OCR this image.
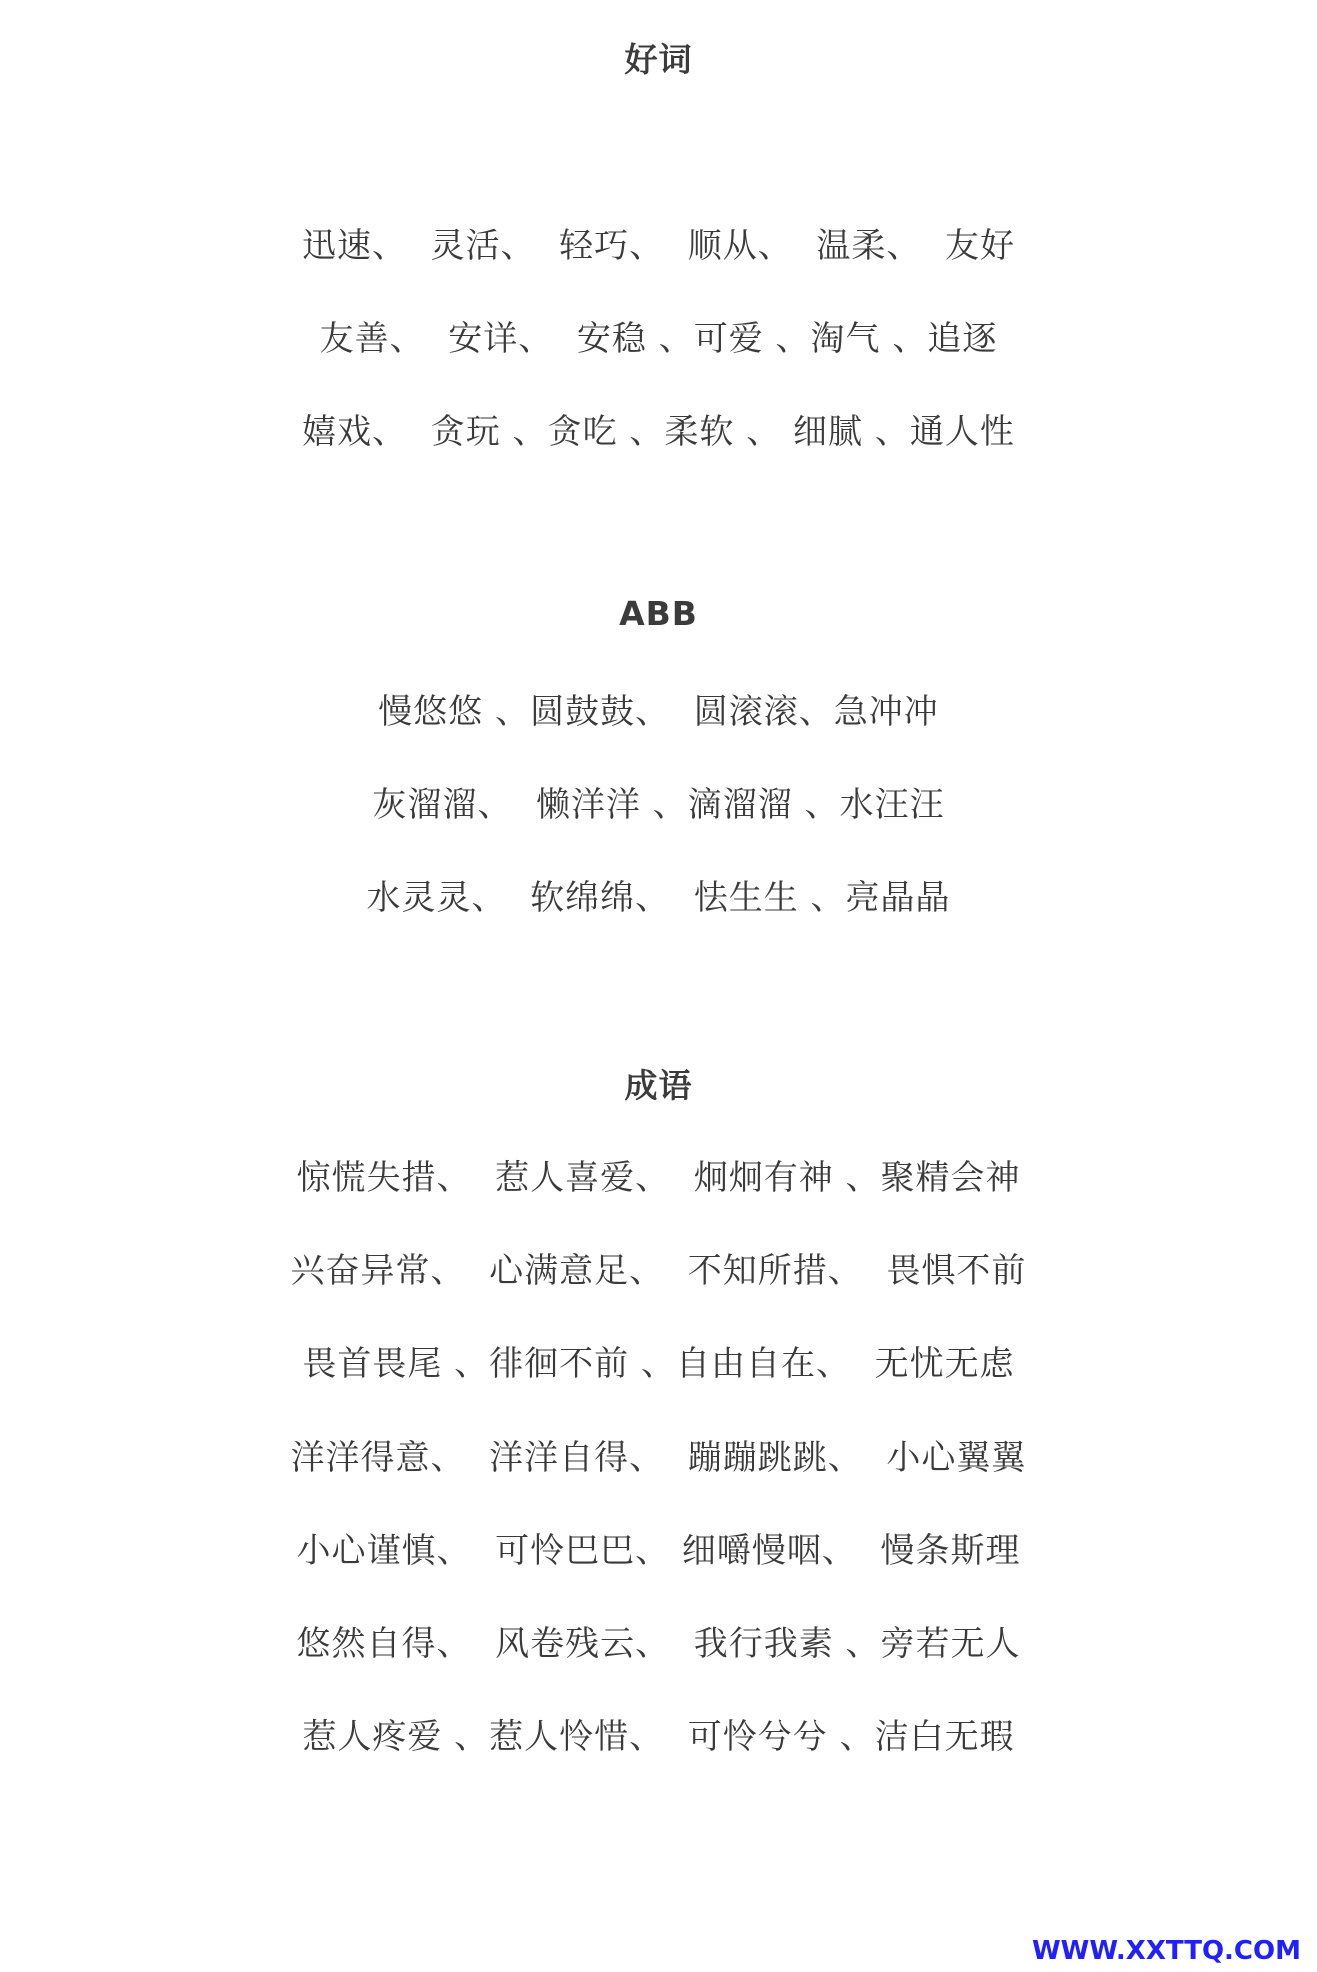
好词
迅速、  灵活、  轻巧、  顺从、  温柔、  友好
友善、  安详、  安稳 、可爱 、淘气 、追逐
嬉戏、  贪玩 、贪吃 、柔软 、 细腻 、通人性
ABB
慢悠悠 、圆鼓鼓、  圆滚滚、急冲冲
灰溜溜、  懒洋洋 、滴溜溜 、水汪汪
水灵灵、  软绵绵、  怯生生 、亮晶晶
成语
惊慌失措、  惹人喜爱、  炯炯有神 、聚精会神
兴奋异常、  心满意足、  不知所措、  畏惧不前
畏首畏尾 、徘徊不前 、自由自在、  无忧无虑
洋洋得意、  洋洋自得、  蹦蹦跳跳、  小心翼翼
小心谨慎、  可怜巴巴、 细嚼慢咽、  慢条斯理
悠然自得、  风卷残云、  我行我素 、旁若无人
惹人疼爱 、惹人怜惜、  可怜兮兮 、洁白无瑕
WWW.XXTTQ.COM
